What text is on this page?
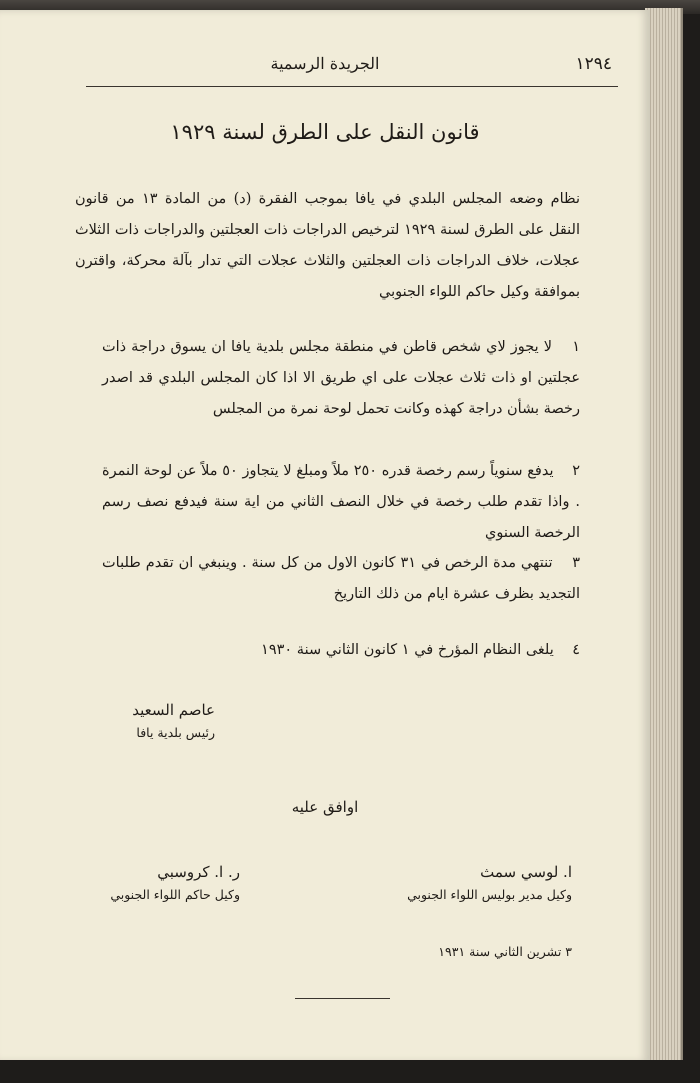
١٢٩٤
الجريدة الرسمية
قانون النقل على الطرق لسنة ١٩٢٩
نظام وضعه المجلس البلدي في يافا بموجب الفقرة (د) من المادة ١٣ من قانون النقل على الطرق لسنة ١٩٢٩ لترخيص الدراجات ذات العجلتين والدراجات ذات الثلاث عجلات، خلاف الدراجات ذات العجلتين والثلاث عجلات التي تدار بآلة محركة، واقترن بموافقة وكيل حاكم اللواء الجنوبي
١    لا يجوز لاي شخص قاطن في منطقة مجلس بلدية يافا ان يسوق دراجة ذات عجلتين او ذات ثلاث عجلات على اي طريق الا اذا كان المجلس البلدي قد اصدر رخصة بشأن دراجة كهذه وكانت تحمل لوحة نمرة من المجلس
٢    يدفع سنوياً رسم رخصة قدره ٢٥٠ ملاً ومبلغ لا يتجاوز ٥٠ ملاً عن لوحة النمرة . واذا تقدم طلب رخصة في خلال النصف الثاني من اية سنة فيدفع نصف رسم الرخصة السنوي
٣    تنتهي مدة الرخص في ٣١ كانون الاول من كل سنة . وينبغي ان تقدم طلبات التجديد بظرف عشرة ايام من ذلك التاريخ
٤    يلغى النظام المؤرخ في ١ كانون الثاني سنة ١٩٣٠
عاصم السعيد
رئيس بلدية يافا
اوافق عليه
ا. لوسي سمث
وكيل مدير بوليس اللواء الجنوبي
ر. ا. كروسبي
وكيل حاكم اللواء الجنوبي
٣ تشرين الثاني سنة ١٩٣١
